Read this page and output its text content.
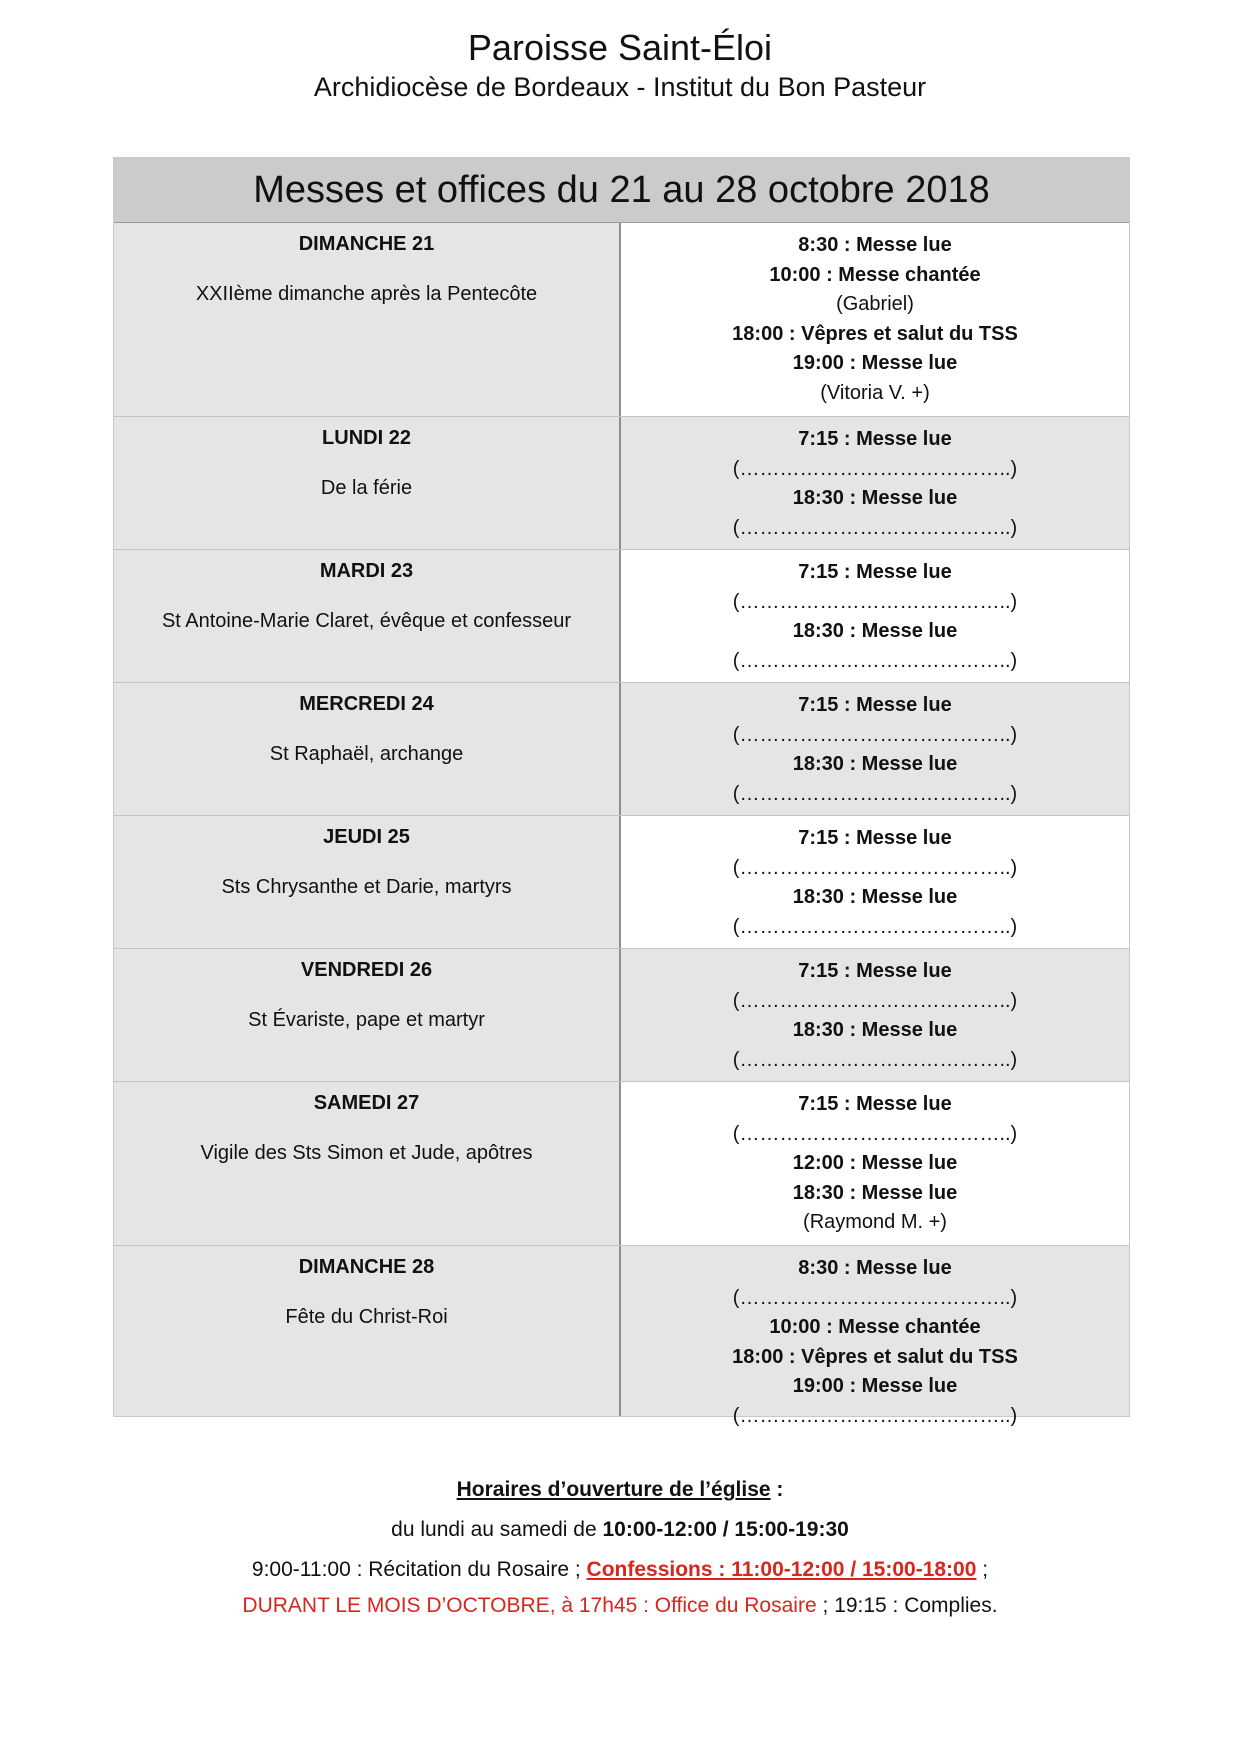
Paroisse Saint-Éloi
Archidiocèse de Bordeaux - Institut du Bon Pasteur
Messes et offices du 21 au 28 octobre 2018
DIMANCHE 21
XXIIème dimanche après la Pentecôte
8:30 : Messe lue
10:00 : Messe chantée
(Gabriel)
18:00 : Vêpres et salut du TSS
19:00 : Messe lue
(Vitoria V. +)
LUNDI 22
De la férie
7:15 : Messe lue
(…………………………………..)
18:30 : Messe lue
(…………………………………..)
MARDI 23
St Antoine-Marie Claret, évêque et confesseur
7:15 : Messe lue
(…………………………………..)
18:30 : Messe lue
(…………………………………..)
MERCREDI 24
St Raphaël, archange
7:15 : Messe lue
(…………………………………..)
18:30 : Messe lue
(…………………………………..)
JEUDI 25
Sts Chrysanthe et Darie, martyrs
7:15 : Messe lue
(…………………………………..)
18:30 : Messe lue
(…………………………………..)
VENDREDI 26
St Évariste, pape et martyr
7:15 : Messe lue
(…………………………………..)
18:30 : Messe lue
(…………………………………..)
SAMEDI 27
Vigile des Sts Simon et Jude, apôtres
7:15 : Messe lue
(…………………………………..)
12:00 : Messe lue
18:30 : Messe lue
(Raymond M. +)
DIMANCHE 28
Fête du Christ-Roi
8:30 : Messe lue
(…………………………………..)
10:00 : Messe chantée
18:00 : Vêpres et salut du TSS
19:00 : Messe lue
(…………………………………..)
Horaires d’ouverture de l’église :
du lundi au samedi de 10:00-12:00 / 15:00-19:30
9:00-11:00 : Récitation du Rosaire ; Confessions : 11:00-12:00 / 15:00-18:00 ;
DURANT LE MOIS D’OCTOBRE, à 17h45 : Office du Rosaire ; 19:15 : Complies.
